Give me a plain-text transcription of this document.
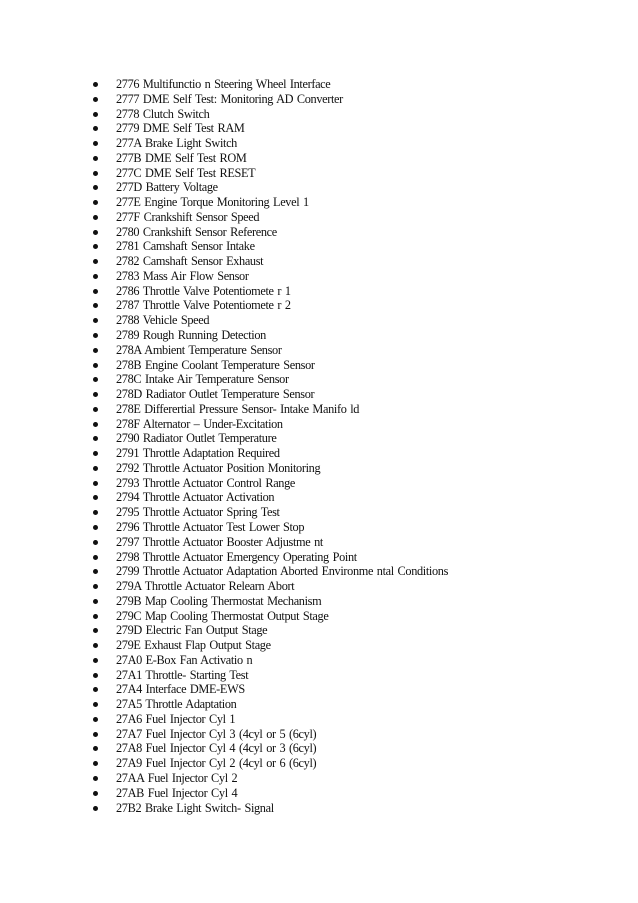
2776 Multifunctio n Steering Wheel Interface
2777 DME Self Test: Monitoring AD Converter
2778 Clutch Switch
2779 DME Self Test RAM
277A Brake Light Switch
277B DME Self Test ROM
277C DME Self Test RESET
277D Battery Voltage
277E Engine Torque Monitoring Level 1
277F Crankshift Sensor Speed
2780 Crankshift Sensor Reference
2781 Camshaft Sensor Intake
2782 Camshaft Sensor Exhaust
2783 Mass Air Flow Sensor
2786 Throttle Valve Potentiomete r 1
2787 Throttle Valve Potentiomete r 2
2788 Vehicle Speed
2789 Rough Running Detection
278A Ambient Temperature Sensor
278B Engine Coolant Temperature Sensor
278C Intake Air Temperature Sensor
278D Radiator Outlet Temperature Sensor
278E Differertial Pressure Sensor- Intake Manifo ld
278F Alternator – Under-Excitation
2790 Radiator Outlet Temperature
2791 Throttle Adaptation Required
2792 Throttle Actuator Position Monitoring
2793 Throttle Actuator Control Range
2794 Throttle Actuator Activation
2795 Throttle Actuator Spring Test
2796 Throttle Actuator Test Lower Stop
2797 Throttle Actuator Booster Adjustme nt
2798 Throttle Actuator Emergency Operating Point
2799 Throttle Actuator Adaptation Aborted Environme ntal Conditions
279A Throttle Actuator Relearn Abort
279B Map Cooling Thermostat Mechanism
279C Map Cooling Thermostat Output Stage
279D Electric Fan Output Stage
279E Exhaust Flap Output Stage
27A0 E-Box Fan Activatio n
27A1 Throttle- Starting Test
27A4 Interface DME-EWS
27A5 Throttle Adaptation
27A6 Fuel Injector Cyl 1
27A7 Fuel Injector Cyl 3 (4cyl or 5 (6cyl)
27A8 Fuel Injector Cyl 4 (4cyl or 3 (6cyl)
27A9 Fuel Injector Cyl 2 (4cyl or 6 (6cyl)
27AA Fuel Injector Cyl 2
27AB Fuel Injector Cyl 4
27B2 Brake Light Switch- Signal
